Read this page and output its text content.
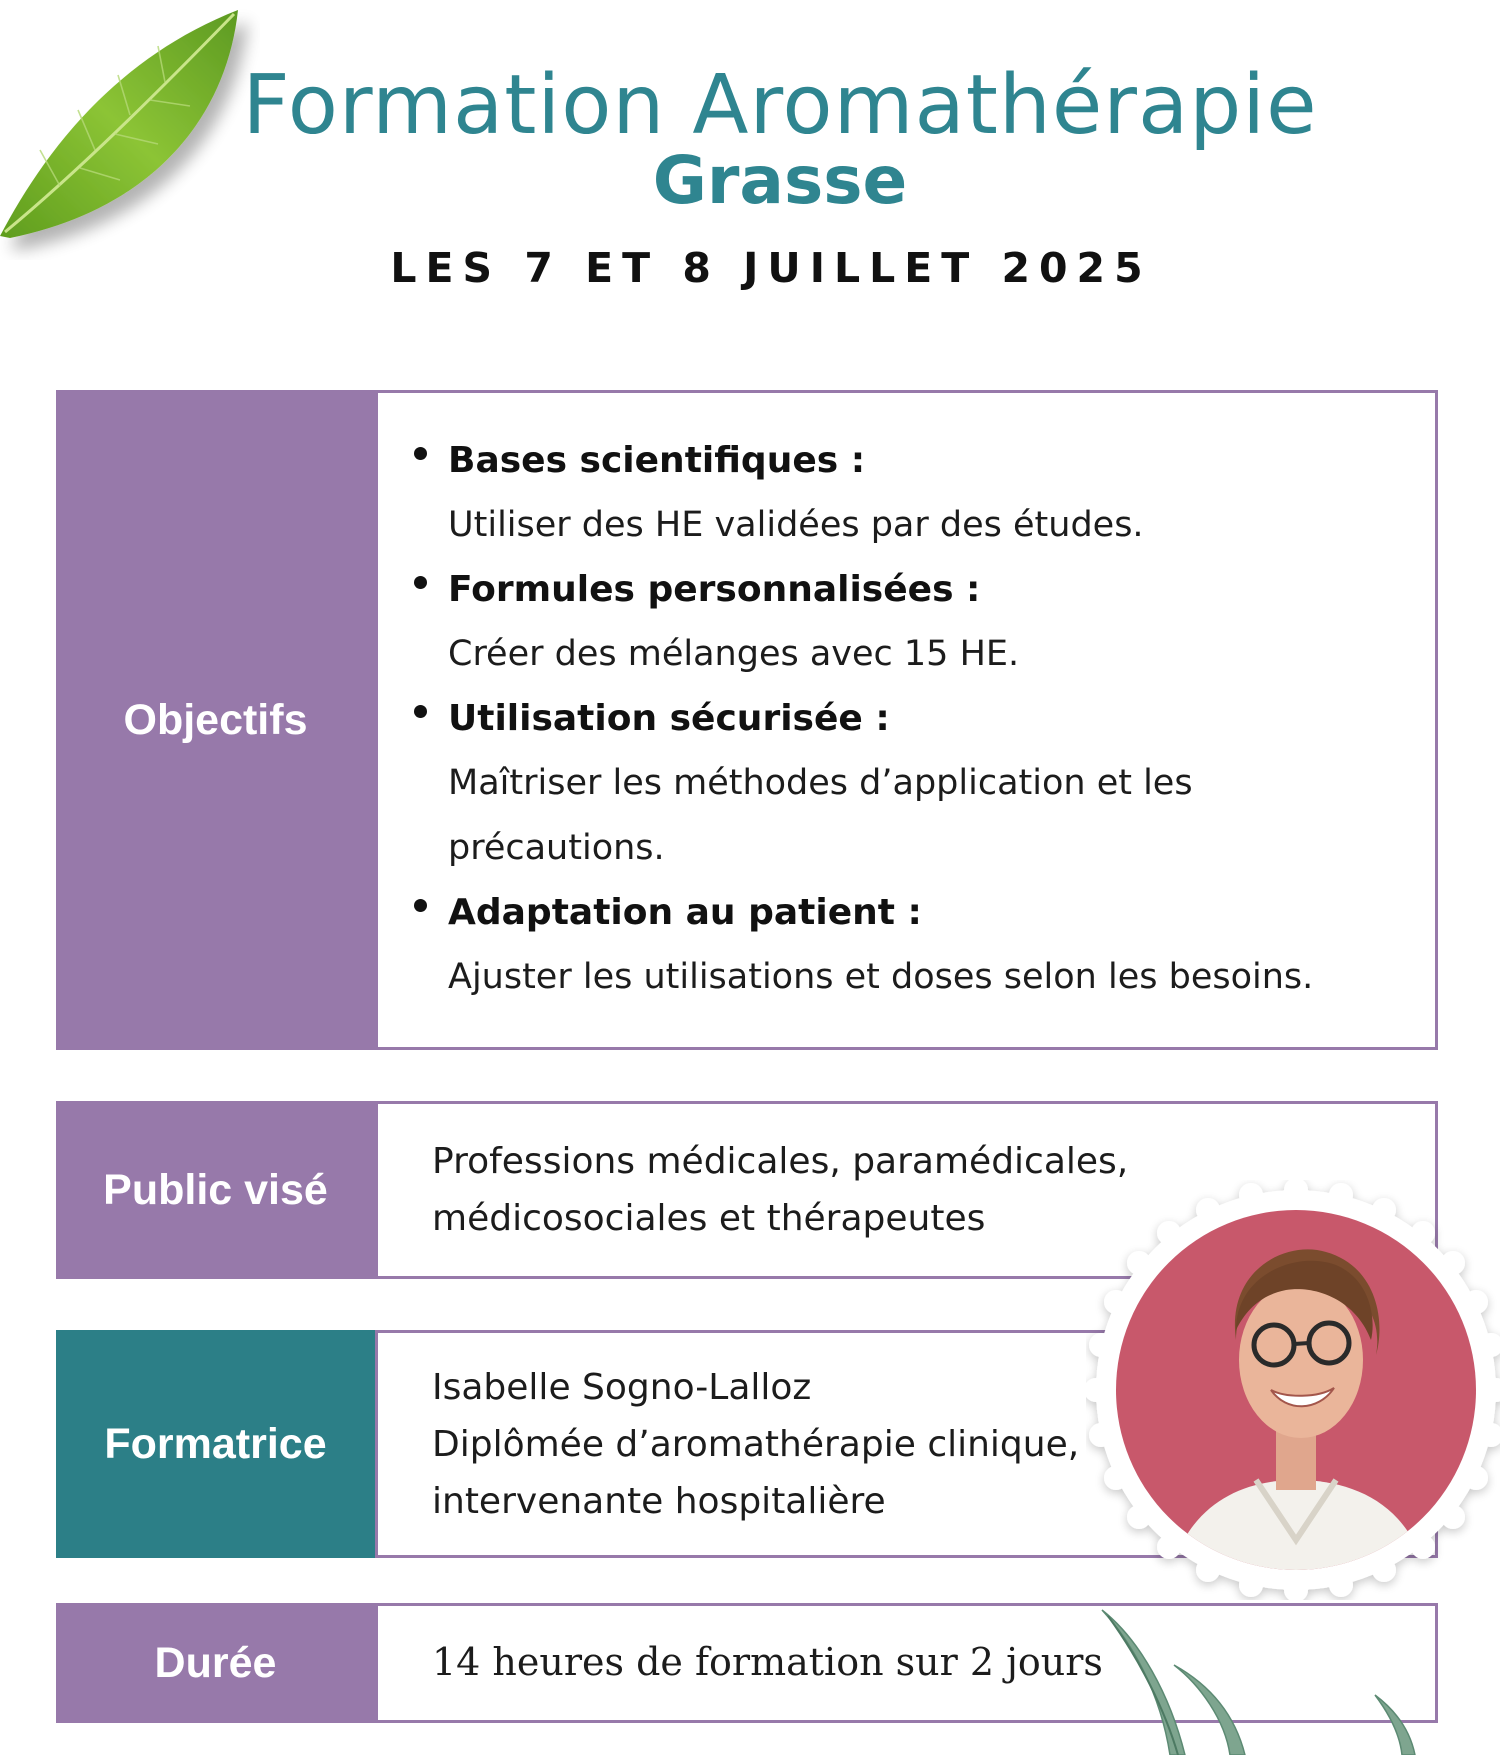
Formation Aromathérapie
Grasse
LES 7 ET 8 JUILLET 2025
Objectifs
Bases scientifiques :
Utiliser des HE validées par des études.
Formules personnalisées :
Créer des mélanges avec 15 HE.
Utilisation sécurisée :
Maîtriser les méthodes d’application et les précautions.
Adaptation au patient :
Ajuster les utilisations et doses selon les besoins.
Public visé
Professions médicales, paramédicales,
médicosociales et thérapeutes
Formatrice
Isabelle Sogno-Lalloz
Diplômée d’aromathérapie clinique,
intervenante hospitalière
Durée	14 heures de formation sur 2 jours
